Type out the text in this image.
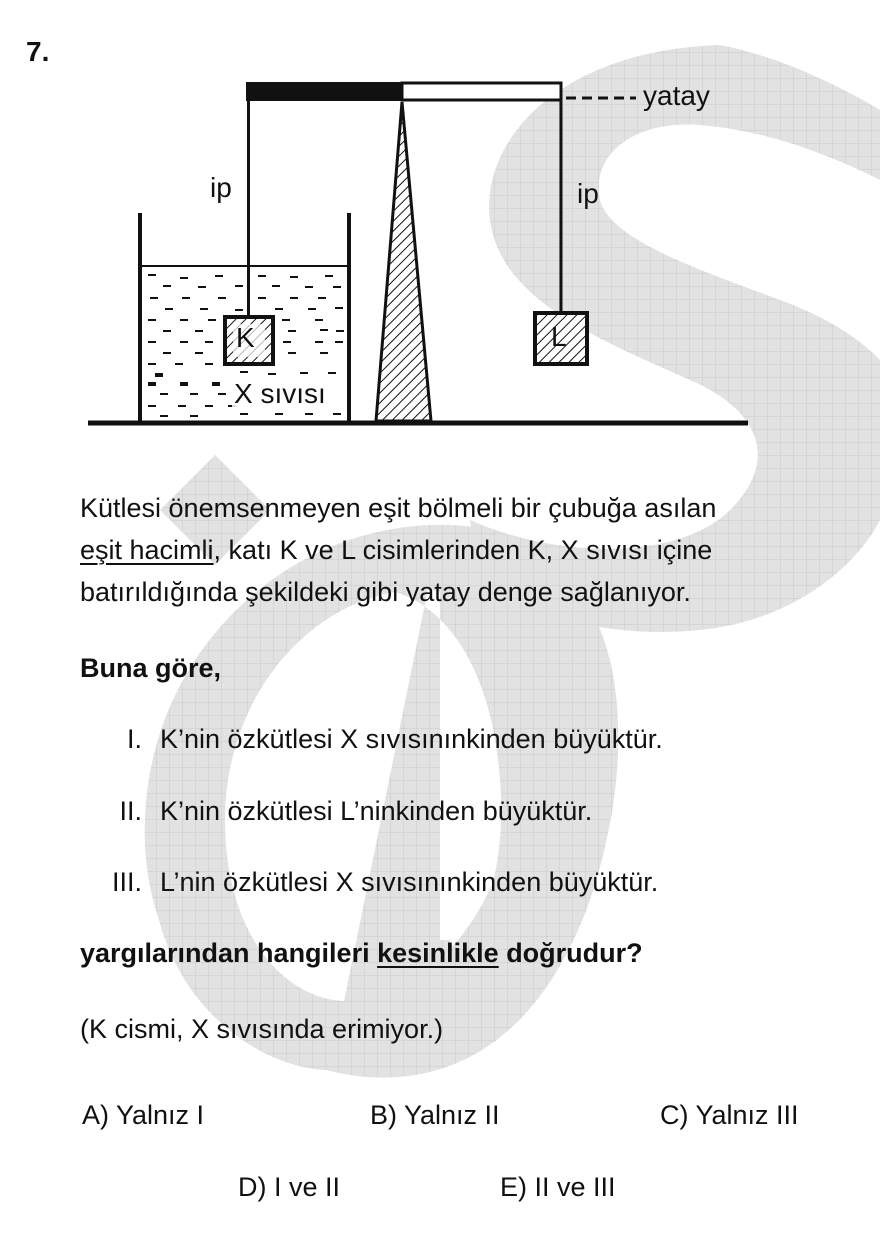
7.
yatay
ip	ip
K	L
X sıvısı
Kütlesi önemsenmeyen eşit bölmeli bir çubuğa asılan
eşit hacimli, katı K ve L cisimlerinden K, X sıvısı içine
batırıldığında şekildeki gibi yatay denge sağlanıyor.
Buna göre,
I. K’nin özkütlesi X sıvısınınkinden büyüktür.
II. K’nin özkütlesi L’ninkinden büyüktür.
III. L’nin özkütlesi X sıvısınınkinden büyüktür.
yargılarından hangileri kesinlikle doğrudur?
(K cismi, X sıvısında erimiyor.)
A) Yalnız I	B) Yalnız II	C) Yalnız III
D) I ve II	E) II ve III
